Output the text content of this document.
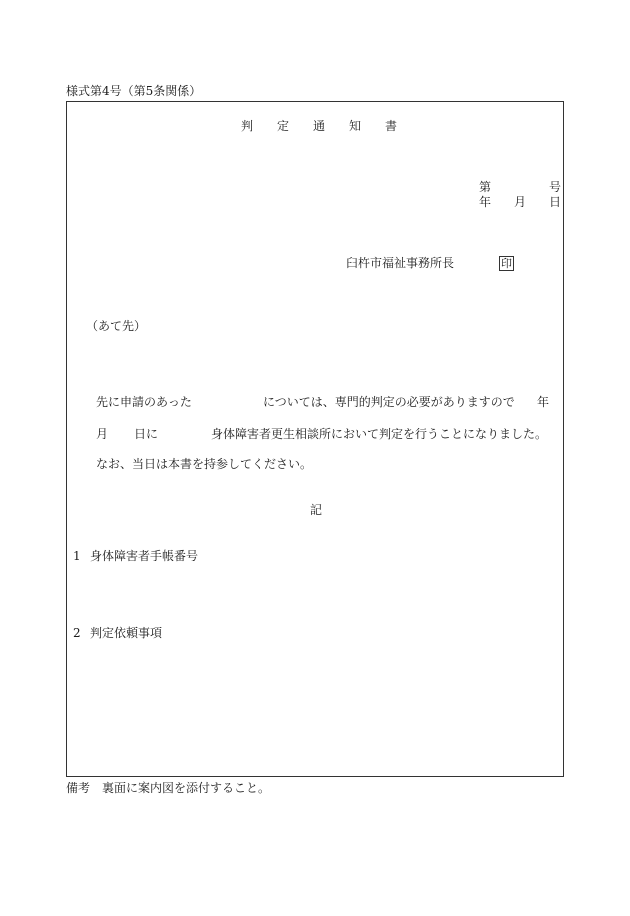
様式第4号（第5条関係）
判　　定　　通　　知　　書
第	号
年 月 日
臼杵市福祉事務所長	印
（あて先）
先に申請のあった	については、専門的判定の必要がありますので 年
月 日に	身体障害者更生相談所において判定を行うことになりました。
なお、当日は本書を持参してください。
記
1 身体障害者手帳番号
2 判定依頼事項
備考　裏面に案内図を添付すること。
